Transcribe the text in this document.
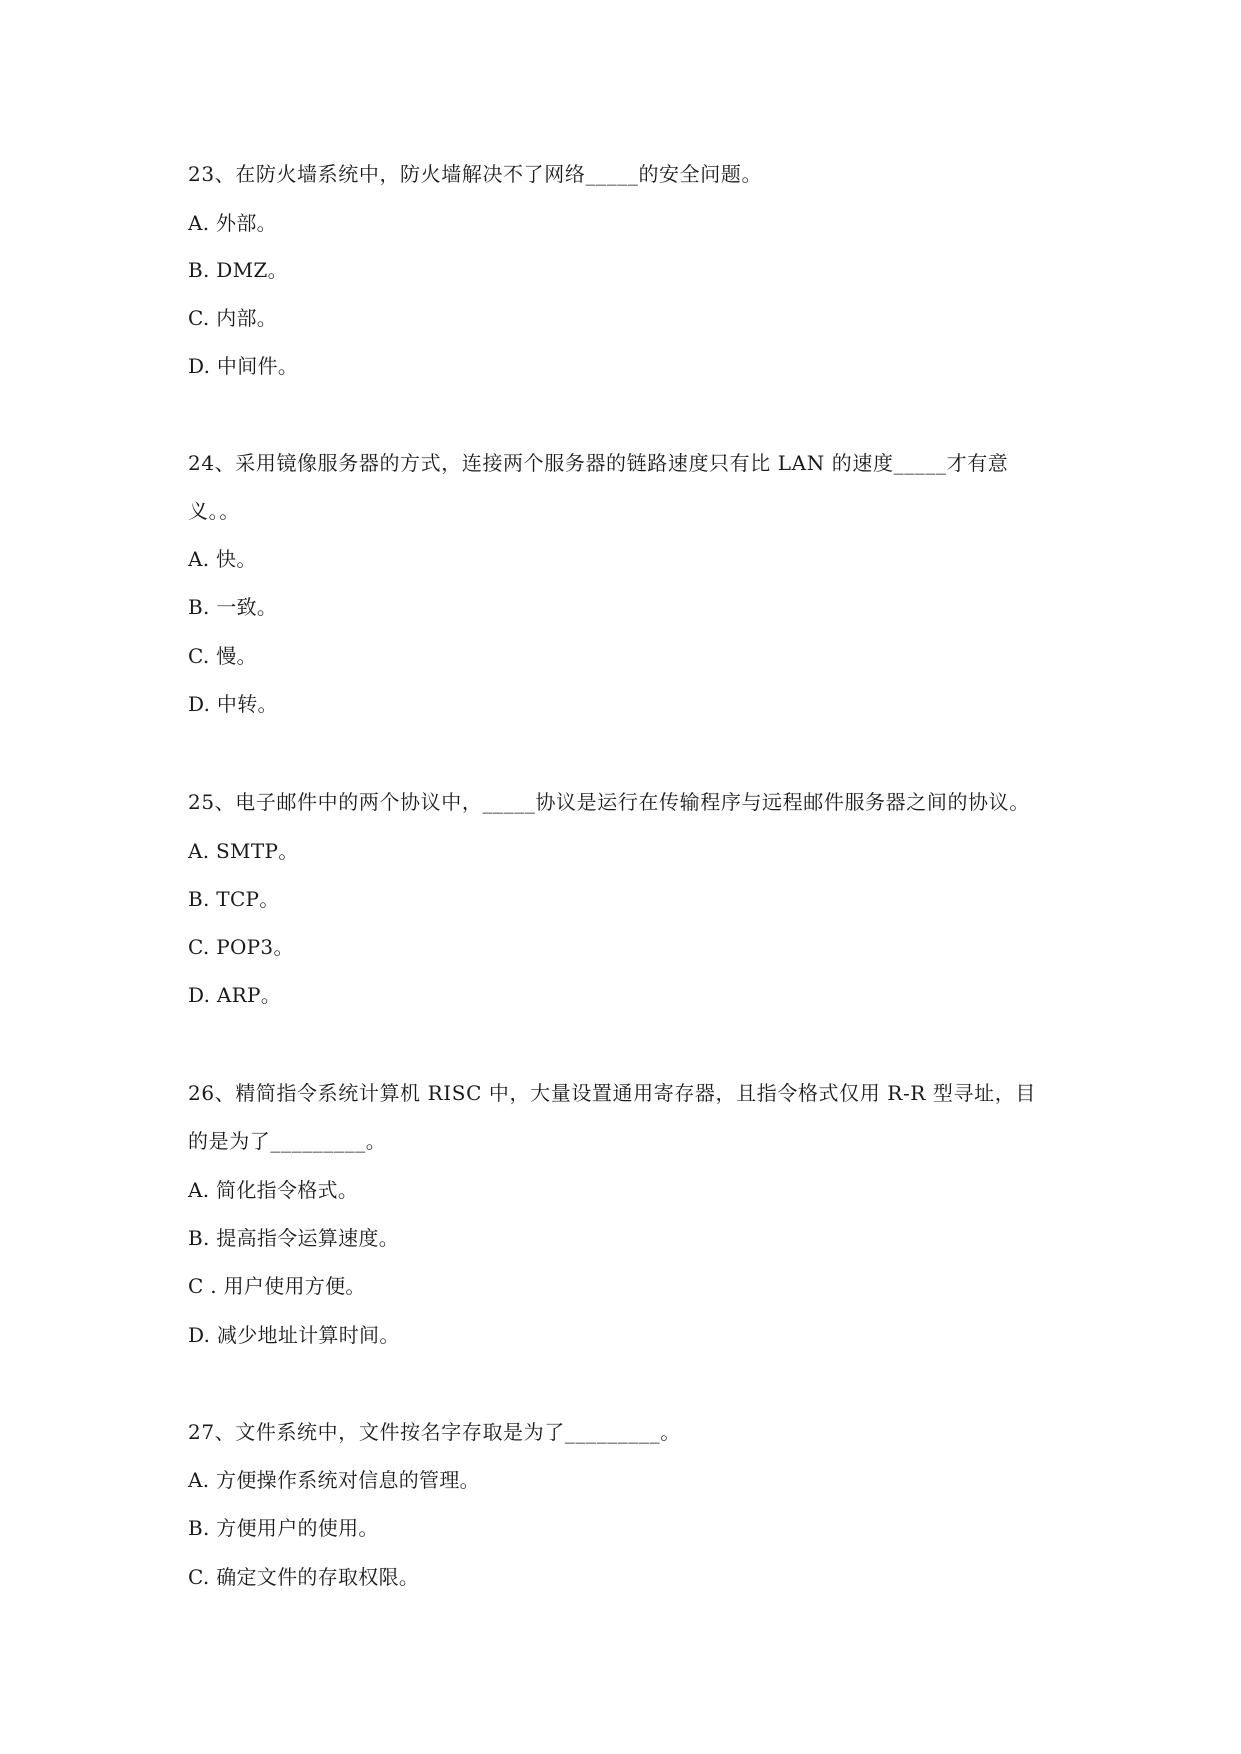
23、在防火墙系统中，防火墙解决不了网络_____的安全问题。
A. 外部。
B. DMZ。
C. 内部。
D. 中间件。
24、采用镜像服务器的方式，连接两个服务器的链路速度只有比 LAN 的速度_____才有意
义。。
A. 快。
B. 一致。
C. 慢。
D. 中转。
25、电子邮件中的两个协议中，_____协议是运行在传输程序与远程邮件服务器之间的协议。
A. SMTP。
B. TCP。
C. POP3。
D. ARP。
26、精简指令系统计算机 RISC 中，大量设置通用寄存器，且指令格式仅用 R-R 型寻址，目
的是为了_________。
A. 简化指令格式。
B. 提高指令运算速度。
C . 用户使用方便。
D. 减少地址计算时间。
27、文件系统中，文件按名字存取是为了_________。
A. 方便操作系统对信息的管理。
B. 方便用户的使用。
C. 确定文件的存取权限。
